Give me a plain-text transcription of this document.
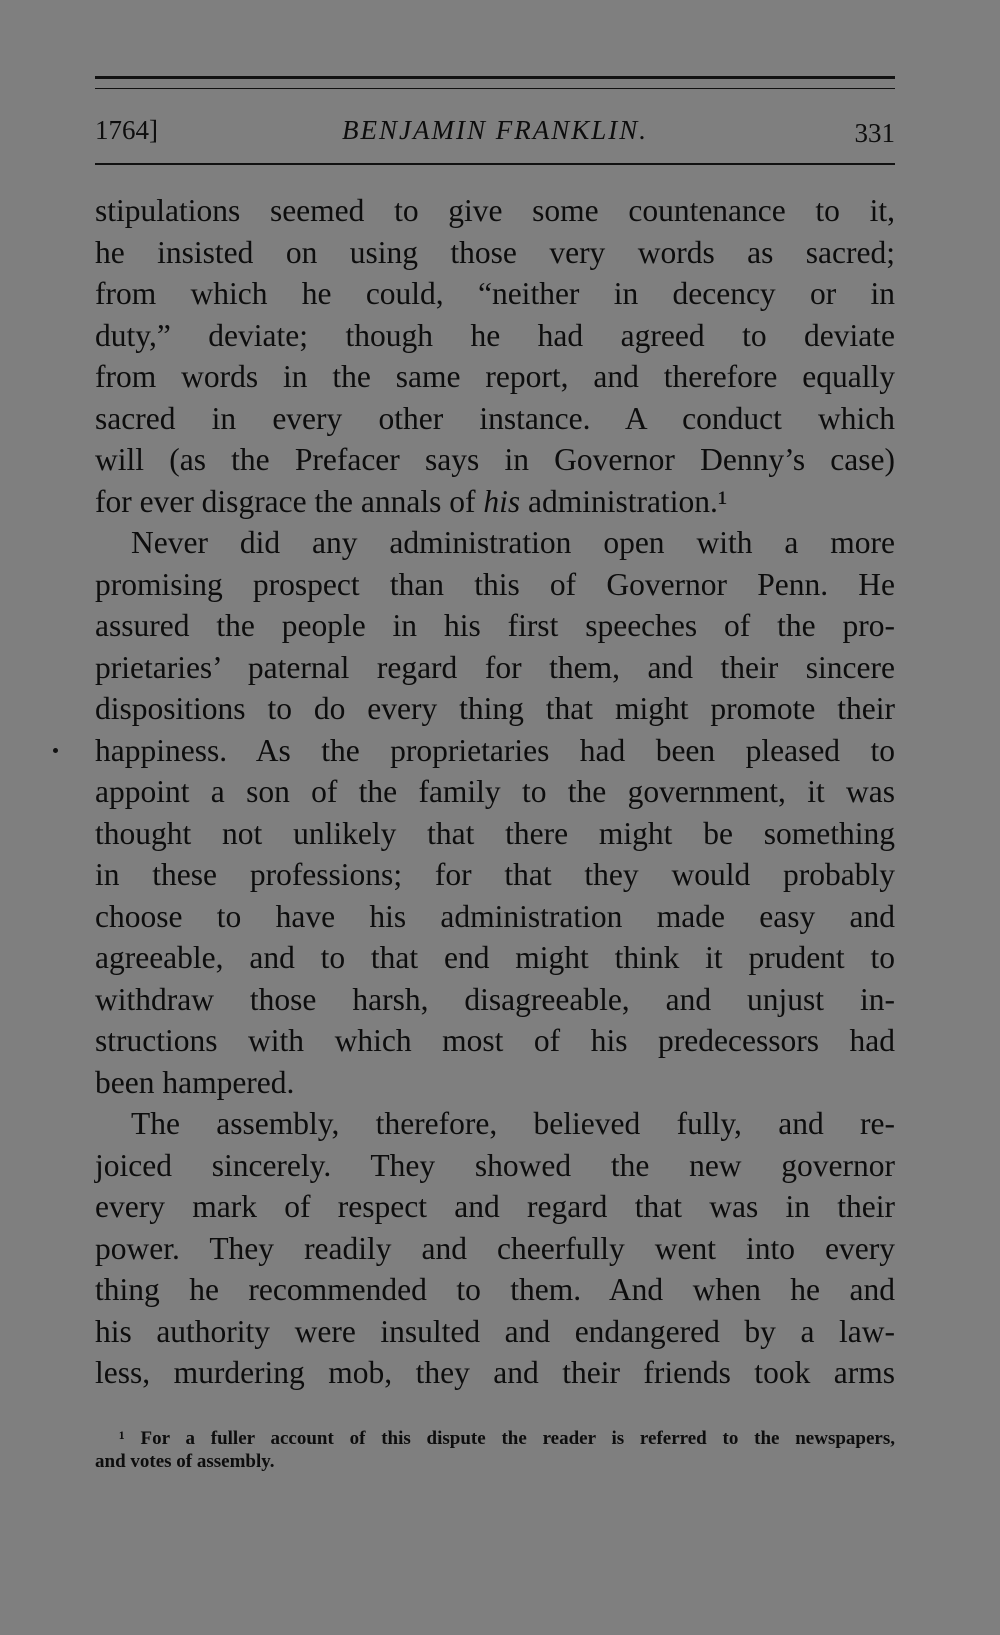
1764]	BENJAMIN FRANKLIN.	331
stipulations seemed to give some countenance to it,
he insisted on using those very words as sacred;
from which he could, “neither in decency or in
duty,” deviate; though he had agreed to deviate
from words in the same report, and therefore equally
sacred in every other instance. A conduct which
will (as the Prefacer says in Governor Denny’s case)
for ever disgrace the annals of his administration.¹
Never did any administration open with a more
promising prospect than this of Governor Penn. He
assured the people in his first speeches of the pro-
prietaries’ paternal regard for them, and their sincere
dispositions to do every thing that might promote their
happiness. As the proprietaries had been pleased to
appoint a son of the family to the government, it was
thought not unlikely that there might be something
in these professions; for that they would probably
choose to have his administration made easy and
agreeable, and to that end might think it prudent to
withdraw those harsh, disagreeable, and unjust in-
structions with which most of his predecessors had
been hampered.
The assembly, therefore, believed fully, and re-
joiced sincerely. They showed the new governor
every mark of respect and regard that was in their
power. They readily and cheerfully went into every
thing he recommended to them. And when he and
his authority were insulted and endangered by a law-
less, murdering mob, they and their friends took arms
¹ For a fuller account of this dispute the reader is referred to the newspapers,
and votes of assembly.
